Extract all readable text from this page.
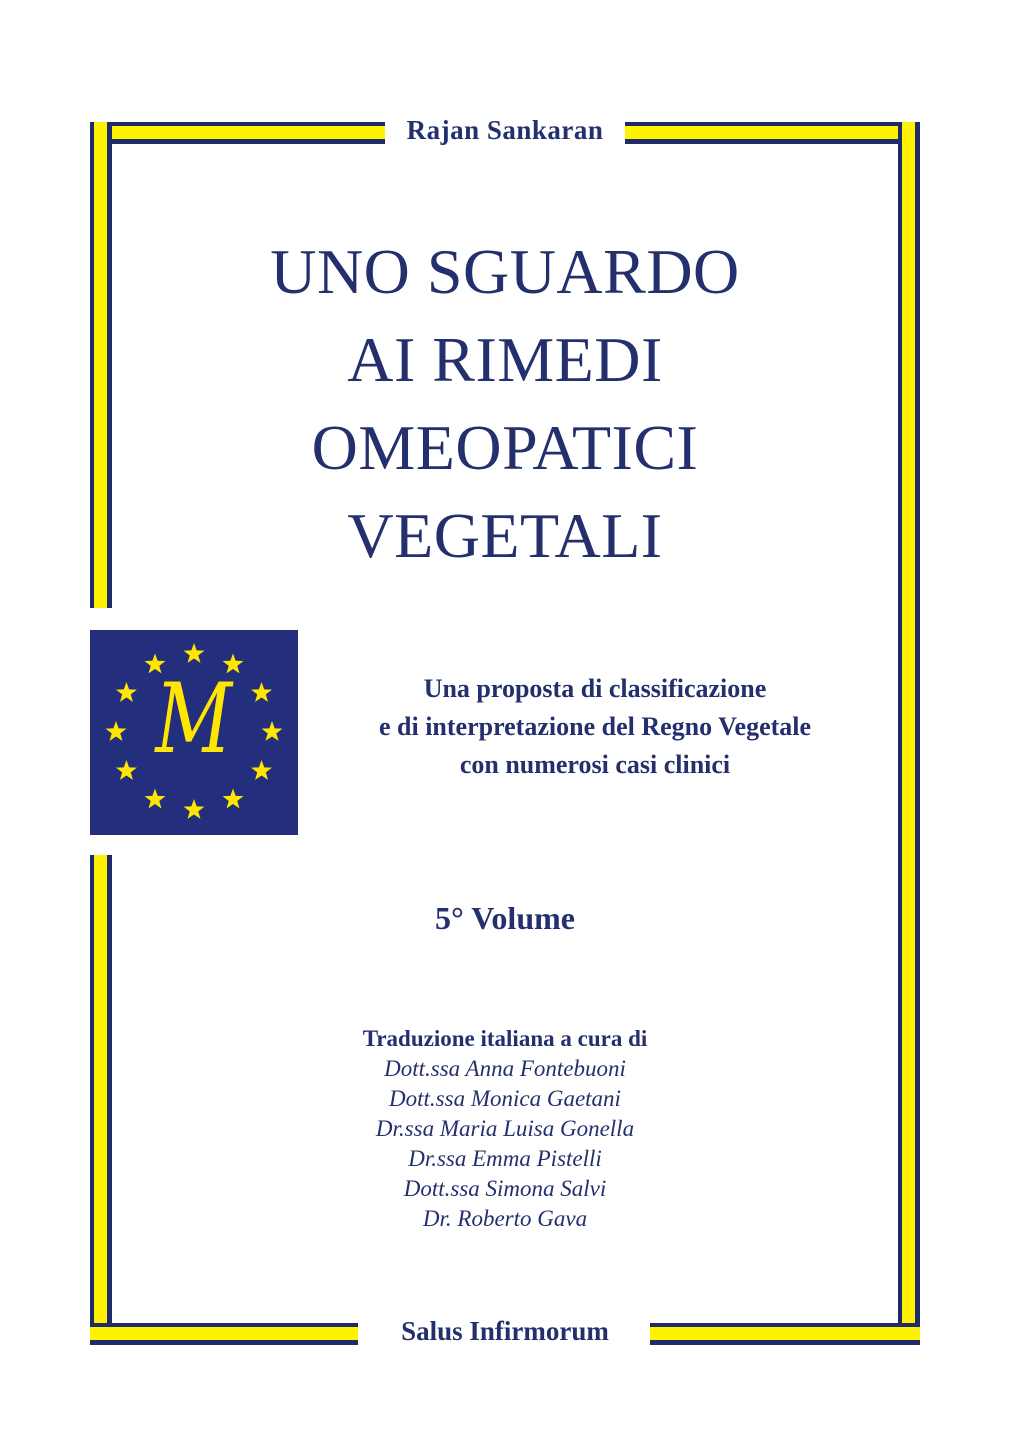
Rajan Sankaran
UNO SGUARDO
AI RIMEDI
OMEOPATICI
VEGETALI
M	Una proposta di classificazione
e di interpretazione del Regno Vegetale
con numerosi casi clinici
5° Volume
Traduzione italiana a cura di
Dott.ssa Anna Fontebuoni
Dott.ssa Monica Gaetani
Dr.ssa Maria Luisa Gonella
Dr.ssa Emma Pistelli
Dott.ssa Simona Salvi
Dr. Roberto Gava
Salus Infirmorum
